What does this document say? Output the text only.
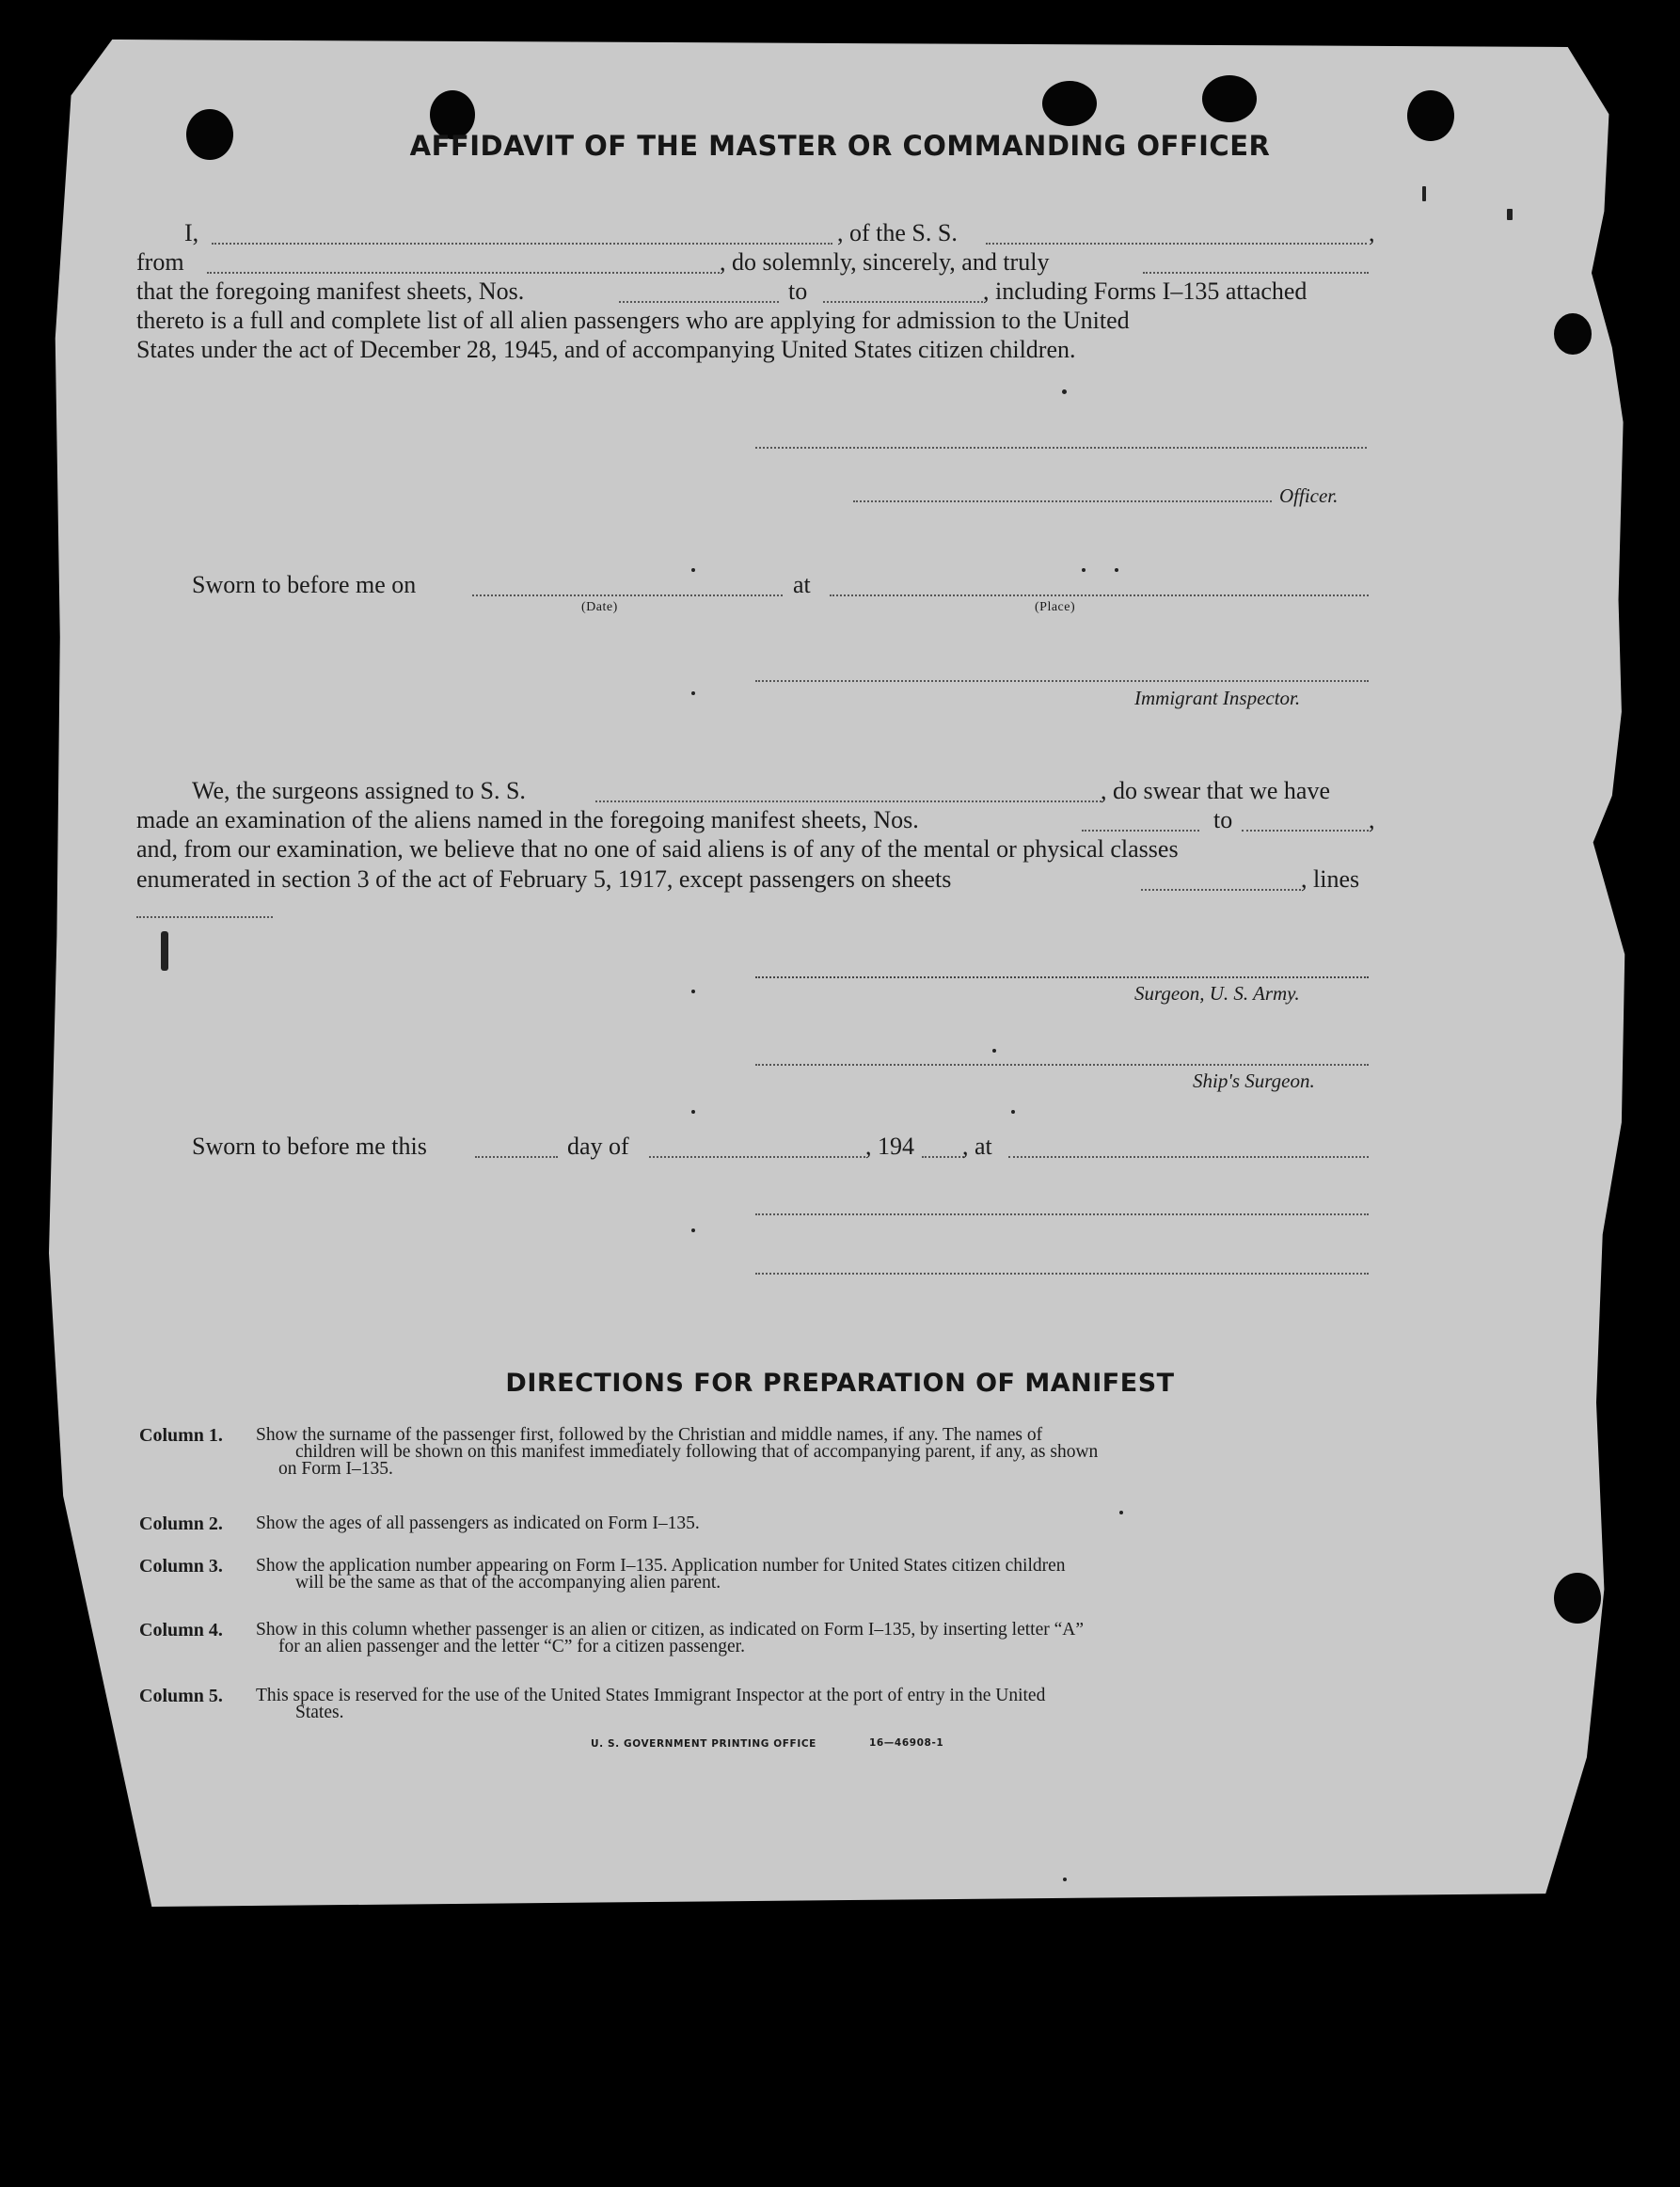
AFFIDAVIT OF THE MASTER OR COMMANDING OFFICER
I,	, of the S. S.	,
from	, do solemnly, sincerely, and truly
that the foregoing manifest sheets, Nos.	to	, including Forms I–135 attached
thereto is a full and complete list of all alien passengers who are applying for admission to the United
States under the act of December 28, 1945, and of accompanying United States citizen children.
Officer.
Sworn to before me on
(Date)
at
(Place)
Immigrant Inspector.
We, the surgeons assigned to S. S.	, do swear that we have
made an examination of the aliens named in the foregoing manifest sheets, Nos.	to	,
and, from our examination, we believe that no one of said aliens is of any of the mental or physical classes
enumerated in section 3 of the act of February 5, 1917, except passengers on sheets	, lines
Surgeon, U. S. Army.
Ship's Surgeon.
Sworn to before me this	day of	, 194 , at
DIRECTIONS FOR PREPARATION OF MANIFEST
Column 1. Show the surname of the passenger first, followed by the Christian and middle names, if any. The names of
children will be shown on this manifest immediately following that of accompanying parent, if any, as shown
on Form I–135.
Column 2. Show the ages of all passengers as indicated on Form I–135.
Column 3. Show the application number appearing on Form I–135. Application number for United States citizen children
will be the same as that of the accompanying alien parent.
Column 4. Show in this column whether passenger is an alien or citizen, as indicated on Form I–135, by inserting letter “A”
for an alien passenger and the letter “C” for a citizen passenger.
Column 5. This space is reserved for the use of the United States Immigrant Inspector at the port of entry in the United
States.
U. S. GOVERNMENT PRINTING OFFICE	16—46908-1
